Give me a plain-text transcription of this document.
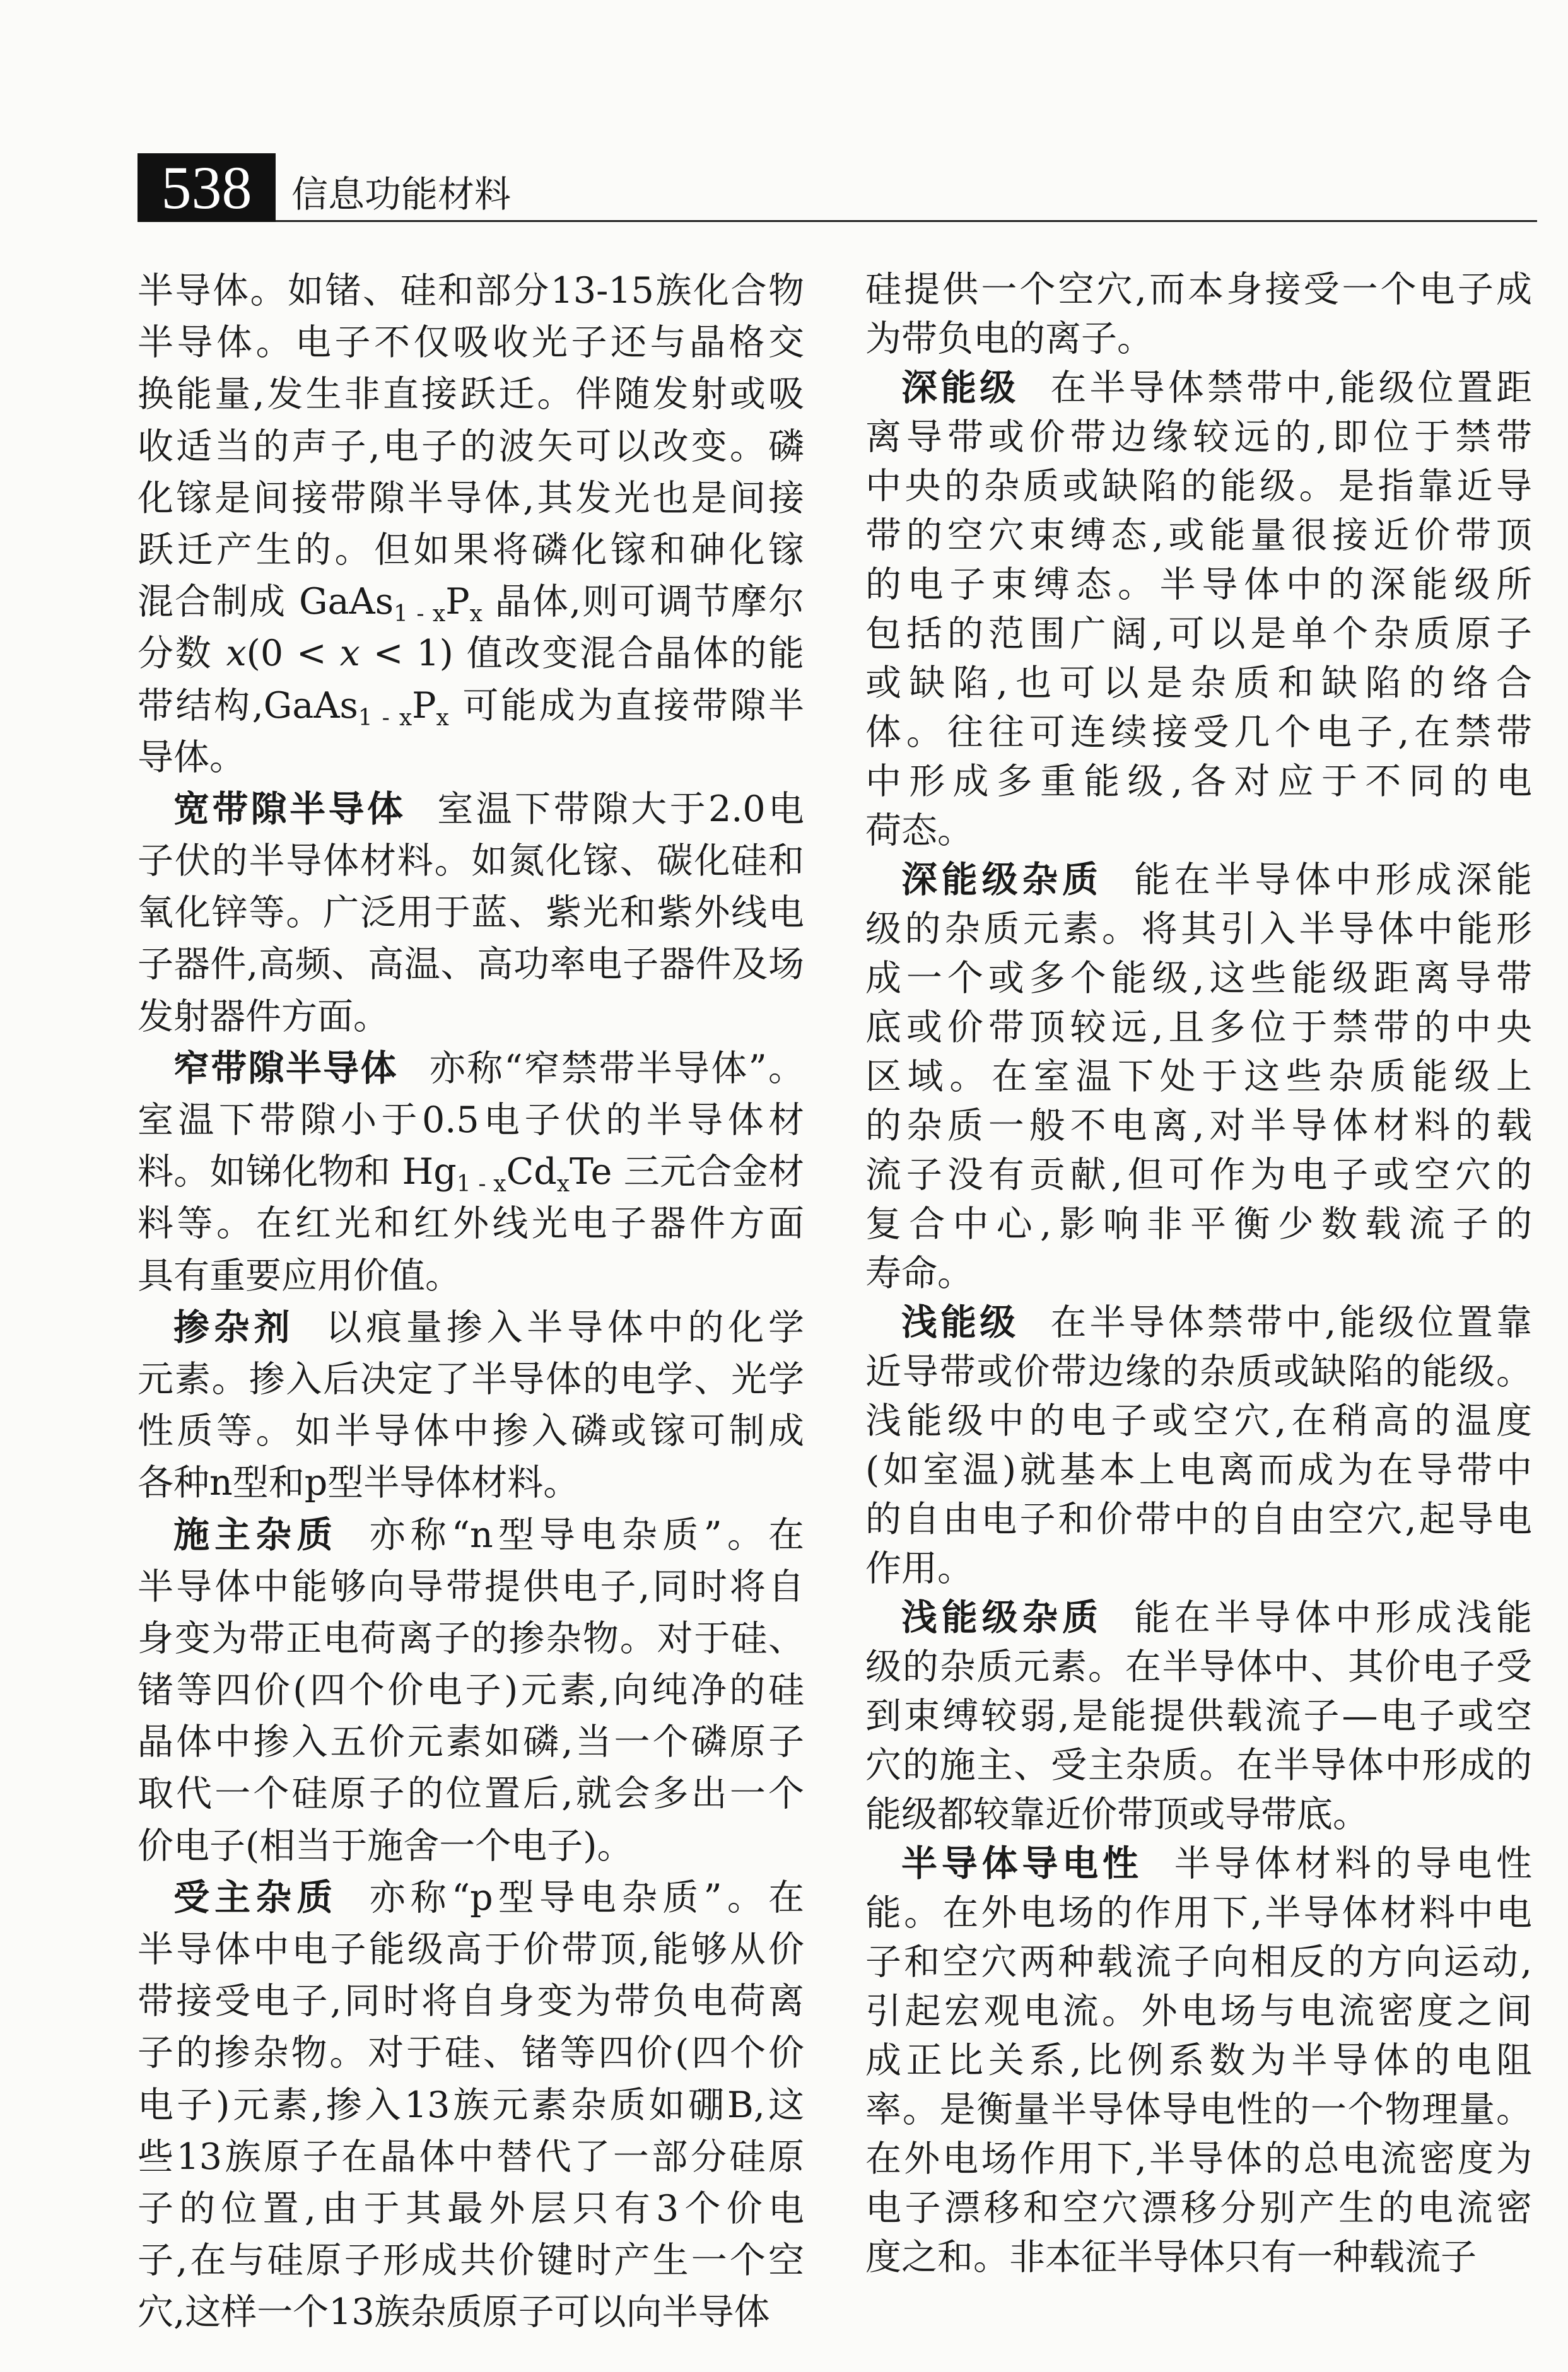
538	信息功能材料
半导体。如锗、硅和部分13-15族化合物
半导体。电子不仅吸收光子还与晶格交
换能量,发生非直接跃迁。伴随发射或吸
收适当的声子,电子的波矢可以改变。磷
化镓是间接带隙半导体,其发光也是间接
跃迁产生的。但如果将磷化镓和砷化镓
混合制成 $GaAs_{1 - x}P_x$ 晶体,则可调节摩尔
分数 x(0 < x < 1) 值改变混合晶体的能
带结构$,GaAs_{1 - x}P_x$ 可能成为直接带隙半
导体。
宽带隙半导体 室温下带隙大于2.0电
子伏的半导体材料。如氮化镓、碳化硅和
氧化锌等。广泛用于蓝、紫光和紫外线电
子器件,高频、高温、高功率电子器件及场
发射器件方面。
窄带隙半导体 亦称“窄禁带半导体”。
室温下带隙小于0.5电子伏的半导体材
料。如锑化物和 $Hg_{1 - x}Cd_xTe$ 三元合金材
料等。在红光和红外线光电子器件方面
具有重要应用价值。
掺杂剂 以痕量掺入半导体中的化学
元素。掺入后决定了半导体的电学、光学
性质等。如半导体中掺入磷或镓可制成
各种n型和p型半导体材料。
施主杂质 亦称“n型导电杂质”。在
半导体中能够向导带提供电子,同时将自
身变为带正电荷离子的掺杂物。对于硅、
锗等四价(四个价电子)元素,向纯净的硅
晶体中掺入五价元素如磷,当一个磷原子
取代一个硅原子的位置后,就会多出一个
价电子(相当于施舍一个电子)。
受主杂质 亦称“p型导电杂质”。在
半导体中电子能级高于价带顶,能够从价
带接受电子,同时将自身变为带负电荷离
子的掺杂物。对于硅、锗等四价(四个价
电子)元素,掺入13族元素杂质如硼B,这
些13族原子在晶体中替代了一部分硅原
子的位置,由于其最外层只有3个价电
子,在与硅原子形成共价键时产生一个空
穴,这样一个13族杂质原子可以向半导体
硅提供一个空穴,而本身接受一个电子成
为带负电的离子。
深能级 在半导体禁带中,能级位置距
离导带或价带边缘较远的,即位于禁带
中央的杂质或缺陷的能级。是指靠近导
带的空穴束缚态,或能量很接近价带顶
的电子束缚态。半导体中的深能级所
包括的范围广阔,可以是单个杂质原子
或缺陷,也可以是杂质和缺陷的络合
体。往往可连续接受几个电子,在禁带
中形成多重能级,各对应于不同的电
荷态。
深能级杂质 能在半导体中形成深能
级的杂质元素。将其引入半导体中能形
成一个或多个能级,这些能级距离导带
底或价带顶较远,且多位于禁带的中央
区域。在室温下处于这些杂质能级上
的杂质一般不电离,对半导体材料的载
流子没有贡献,但可作为电子或空穴的
复合中心,影响非平衡少数载流子的
寿命。
浅能级 在半导体禁带中,能级位置靠
近导带或价带边缘的杂质或缺陷的能级。
浅能级中的电子或空穴,在稍高的温度
(如室温)就基本上电离而成为在导带中
的自由电子和价带中的自由空穴,起导电
作用。
浅能级杂质 能在半导体中形成浅能
级的杂质元素。在半导体中、其价电子受
到束缚较弱,是能提供载流子—电子或空
穴的施主、受主杂质。在半导体中形成的
能级都较靠近价带顶或导带底。
半导体导电性 半导体材料的导电性
能。在外电场的作用下,半导体材料中电
子和空穴两种载流子向相反的方向运动,
引起宏观电流。外电场与电流密度之间
成正比关系,比例系数为半导体的电阻
率。是衡量半导体导电性的一个物理量。
在外电场作用下,半导体的总电流密度为
电子漂移和空穴漂移分别产生的电流密
度之和。非本征半导体只有一种载流子
